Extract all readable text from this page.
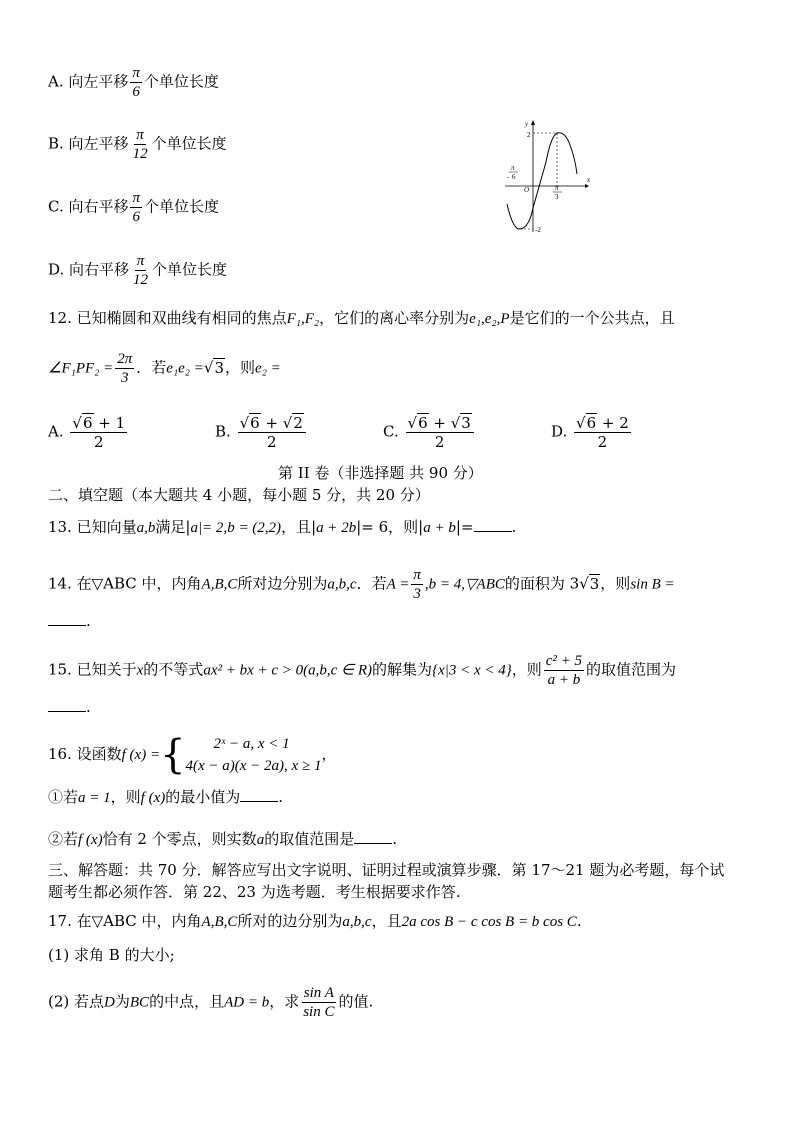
A. 向左平移 $\frac{\pi}{6}$ 个单位长度
B. 向左平移 $\frac{\pi}{12}$ 个单位长度
C. 向右平移 $\frac{\pi}{6}$ 个单位长度
D. 向右平移 $\frac{\pi}{12}$ 个单位长度
y
x
O
2
-2
π
- 6
π
3
12. 已知椭圆和双曲线有相同的焦点F₁,F₂，它们的离心率分别为e₁,e₂,P是它们的一个公共点，且
∠F₁PF₂ = $\frac{2\pi}{3}$ ．若e₁e₂ =√3，则e₂ =
A. $\frac{√6 + 1}{2}$	B. $\frac{√6 + √2}{2}$	C. $\frac{√6 + √3}{2}$	D. $\frac{√6 + 2}{2}$
第 II 卷（非选择题 共 90 分）
二、填空题（本大题共 4 小题，每小题 5 分，共 20 分）
13. 已知向量a,b满足|a|= 2,b = (2,2)，且|a + 2b|= 6，则|a + b|=	.
14. 在▽ABC 中，内角A,B,C所对边分别为a,b,c．若$A = \frac{\pi}{3} ,b$ = 4,▽ABC的面积为 3√3，则sin B =
.
15. 已知关于x的不等式ax² + bx + c > 0(a,b,c ∈ R)的解集为{x|3 < x < 4}，则 $\frac{\text{c² + 5}}{a + b}$ 的取值范围为
.
16. 设函数f (x) ={	2ˣ − a, x < 1
4(x − a)(x − 2a), x ≥ 1
，
①若a = 1，则f (x)的最小值为	.
②若f (x)恰有 2 个零点，则实数a的取值范围是	.
三、解答题：共 70 分．解答应写出文字说明、证明过程或演算步骤．第 17～21 题为必考题，每个试
题考生都必须作答．第 22、23 为选考题．考生根据要求作答.
17. 在▽ABC 中，内角A,B,C所对的边分别为a,b,c，且2a cos B − c cos B = b cos C.
(1) 求角 B 的大小;
(2) 若点D为BC的中点，且AD = b，求 $\frac{\text{sin A}}{\text{sin C}}$ 的值.
